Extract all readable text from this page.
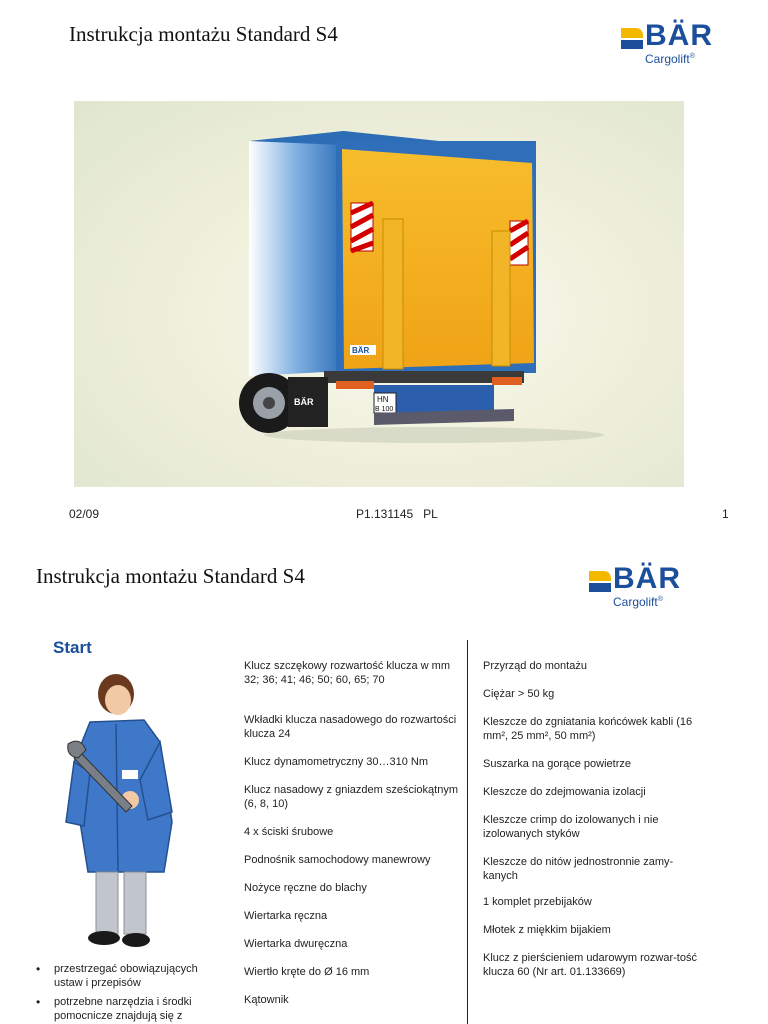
Instrukcja montażu Standard S4	BÄR
Cargolift®
BÄR
HN
B 100
BÄR
02/09	P1.131145   PL	1
Instrukcja montażu Standard S4	BÄR
Cargolift®
Start
• przestrzegać obowiązujących ustaw i przepisów
• potrzebne narzędzia i środki pomocnicze znajdują się z
Klucz szczękowy rozwartość klucza w mm 32; 36; 41; 46; 50; 60, 65; 70
Wkładki klucza nasadowego do rozwartości klucza 24
Klucz dynamometryczny 30…310 Nm
Klucz nasadowy z gniazdem sześciokątnym (6, 8, 10)
4 x ściski śrubowe
Podnośnik samochodowy manewrowy
Nożyce ręczne do blachy
Wiertarka ręczna
Wiertarka dwuręczna
Wiertło kręte do Ø 16 mm
Kątownik
Przyrząd do montażu
Ciężar > 50 kg
Kleszcze do zgniatania końcówek kabli (16 mm², 25 mm², 50 mm²)
Suszarka na gorące powietrze
Kleszcze do zdejmowania izolacji
Kleszcze crimp do izolowanych i nie izolowanych styków
Kleszcze do nitów jednostronnie zamy-kanych
1 komplet przebijaków
Młotek z miękkim bijakiem
Klucz z pierścieniem udarowym rozwar-tość klucza 60 (Nr art. 01.133669)
